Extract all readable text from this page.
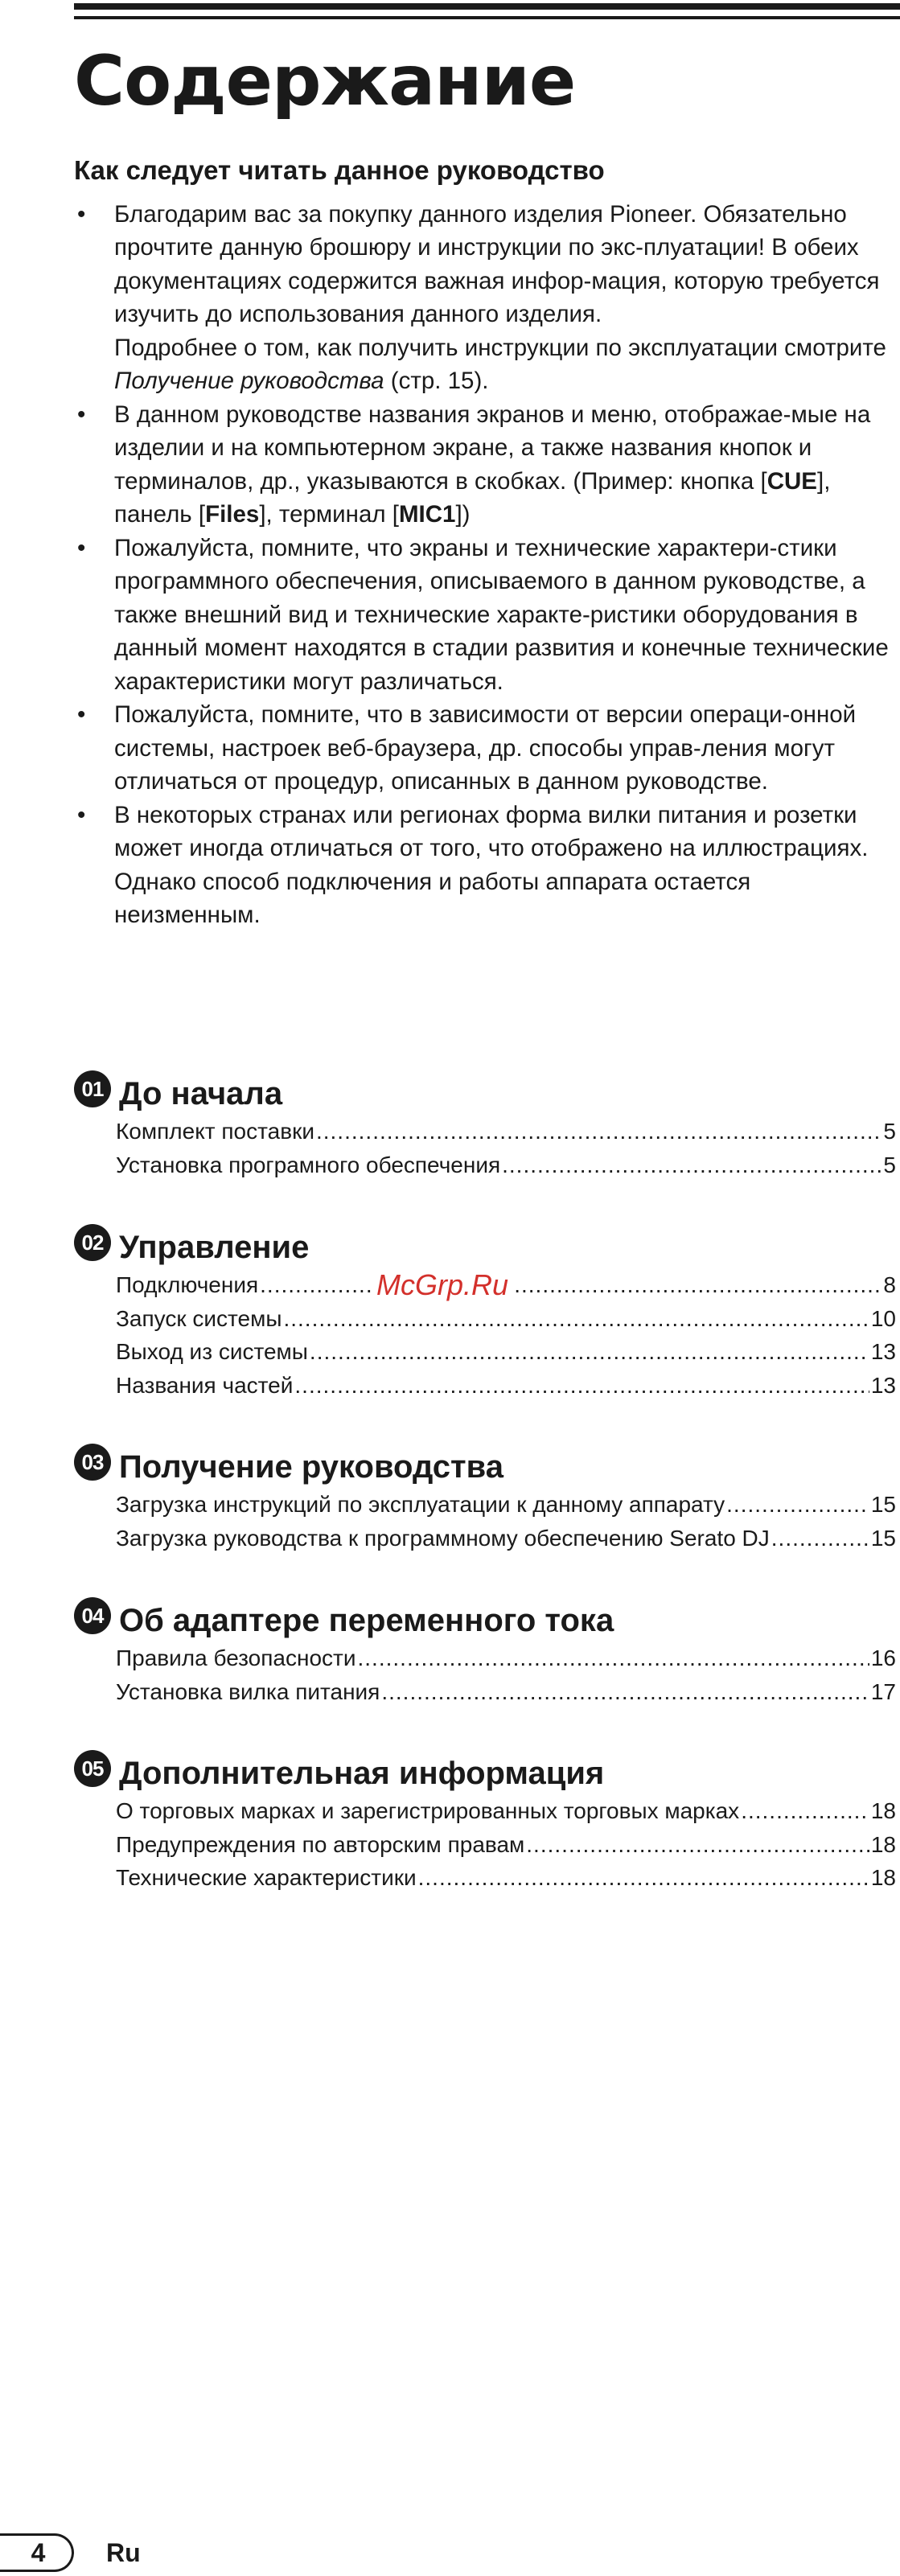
Содержание
Как следует читать данное руководство
• Благодарим вас за покупку данного изделия Pioneer. Обязательно прочтите данную брошюру и инструкции по экс-плуатации! В обеих документациях содержится важная инфор-мация, которую требуется изучить до использования данного изделия.
Подробнее о том, как получить инструкции по эксплуатации смотрите Получение руководства (стр. 15).
• В данном руководстве названия экранов и меню, отображае-мые на изделии и на компьютерном экране, а также названия кнопок и терминалов, др., указываются в скобках. (Пример: кнопка [CUE], панель [Files], терминал [MIC1])
• Пожалуйста, помните, что экраны и технические характери-стики программного обеспечения, описываемого в данном руководстве, а также внешний вид и технические характе-ристики оборудования в данный момент находятся в стадии развития и конечные технические характеристики могут различаться.
• Пожалуйста, помните, что в зависимости от версии операци-онной системы, настроек веб-браузера, др. способы управ-ления могут отличаться от процедур, описанных в данном руководстве.
• В некоторых странах или регионах форма вилки питания и розетки может иногда отличаться от того, что отображено на иллюстрациях. Однако способ подключения и работы аппарата остается неизменным.
01 До начала
Комплект поставки .....	5
Установка програмного обеспечения .....	5
02 Управление
Подключения .....	8
Запуск системы .....	10
Выход из системы .....	13
Названия частей .....	13
03 Получение руководства
Загрузка инструкций по эксплуатации к данному аппарату .....	15
Загрузка руководства к программному обеспечению Serato DJ .....	15
04 Об адаптере переменного тока
Правила безопасности .....	16
Установка вилка питания .....	17
05 Дополнительная информация
О торговых марках и зарегистрированных торговых марках .....	18
Предупреждения по авторским правам .....	18
Технические характеристики .....	18
McGrp.Ru
4	Ru
